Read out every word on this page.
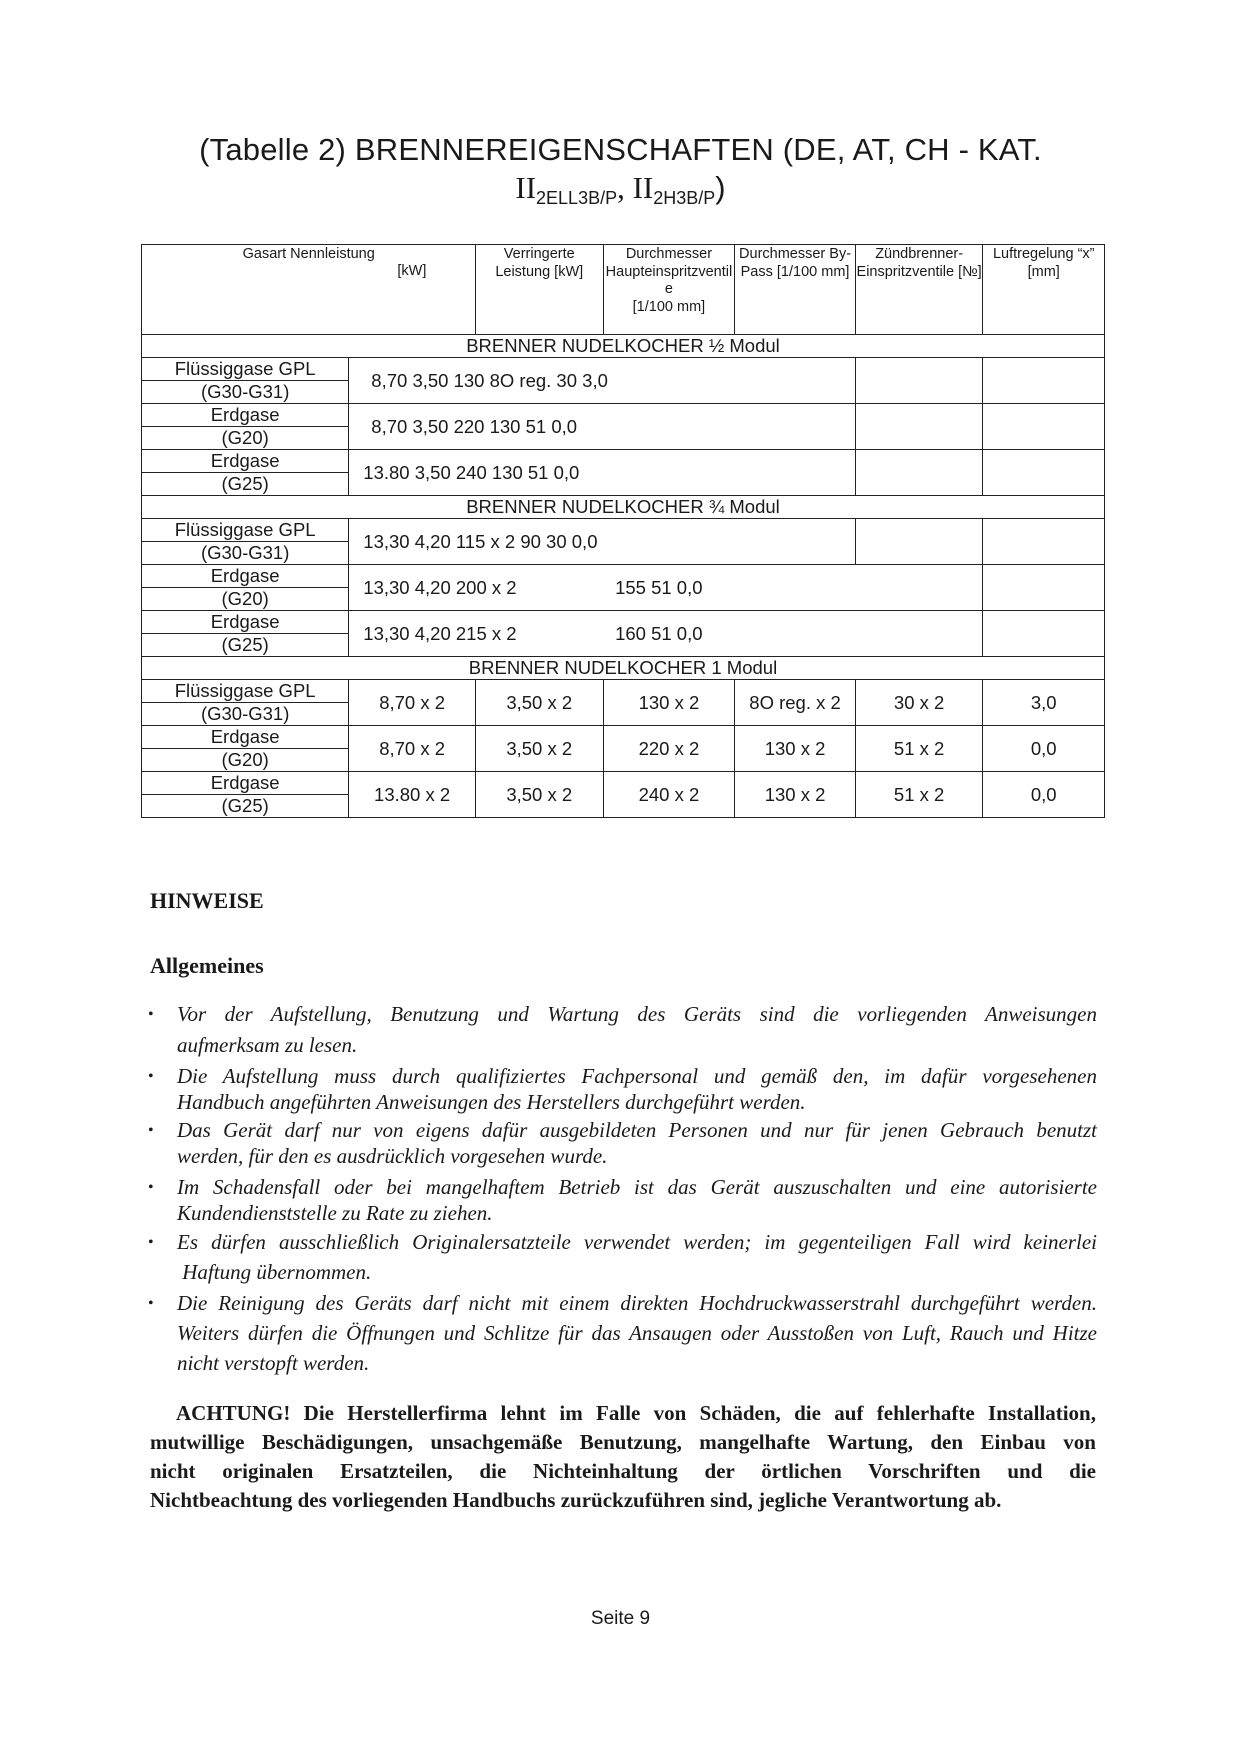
(Tabelle 2) BRENNEREIGENSCHAFTEN (DE, AT, CH - KAT.
II2ELL3B/P, II2H3B/P)
Gasart Nennleistung	[kW]	Verringerte Leistung [kW]	Durchmesser Haupteinspritzventil
e
[1/100 mm]	Durchmesser By-Pass [1/100 mm]	Zündbrenner-Einspritzventile [№]	Luftregelung “x” [mm]
BRENNER NUDELKOCHER ½ Modul						
Flüssiggase GPL	8,70 3,50 130 8O reg. 30 3,0					
(G30-G31)						
Erdgase	8,70 3,50 220 130 51 0,0					
(G20)						
Erdgase	13.80 3,50 240 130 51 0,0					
(G25)						
BRENNER NUDELKOCHER ¾ Modul						
Flüssiggase GPL	13,30 4,20 115 x 2 90 30 0,0					
(G30-G31)						
Erdgase	13,30 4,20 200 x 2		155 51 0,0			
(G20)						
Erdgase	13,30 4,20 215 x 2		160 51 0,0			
(G25)						
BRENNER NUDELKOCHER 1 Modul						
Flüssiggase GPL	8,70 x 2	3,50 x 2	130 x 2	8O reg. x 2	30 x 2	3,0
(G30-G31)						
Erdgase	8,70 x 2	3,50 x 2	220 x 2	130 x 2	51 x 2	0,0
(G20)						
Erdgase	13.80 x 2	3,50 x 2	240 x 2	130 x 2	51 x 2	0,0
(G25)						
HINWEISE
Allgemeines
• Vor der Aufstellung, Benutzung und Wartung des Geräts sind die vorliegenden Anweisungen
aufmerksam zu lesen.
• Die Aufstellung muss durch qualifiziertes Fachpersonal und gemäß den, im dafür vorgesehenen
Handbuch angeführten Anweisungen des Herstellers durchgeführt werden.
• Das Gerät darf nur von eigens dafür ausgebildeten Personen und nur für jenen Gebrauch benutzt
werden, für den es ausdrücklich vorgesehen wurde.
• Im Schadensfall oder bei mangelhaftem Betrieb ist das Gerät auszuschalten und eine autorisierte
Kundendienststelle zu Rate zu ziehen.
• Es dürfen ausschließlich Originalersatzteile verwendet werden; im gegenteiligen Fall wird keinerlei
Haftung übernommen.
• Die Reinigung des Geräts darf nicht mit einem direkten Hochdruckwasserstrahl durchgeführt werden.
Weiters dürfen die Öffnungen und Schlitze für das Ansaugen oder Ausstoßen von Luft, Rauch und Hitze
nicht verstopft werden.
ACHTUNG! Die Herstellerfirma lehnt im Falle von Schäden, die auf fehlerhafte Installation,
mutwillige Beschädigungen, unsachgemäße Benutzung, mangelhafte Wartung, den Einbau von
nicht originalen Ersatzteilen, die Nichteinhaltung der örtlichen Vorschriften und die
Nichtbeachtung des vorliegenden Handbuchs zurückzuführen sind, jegliche Verantwortung ab.
Seite 9
